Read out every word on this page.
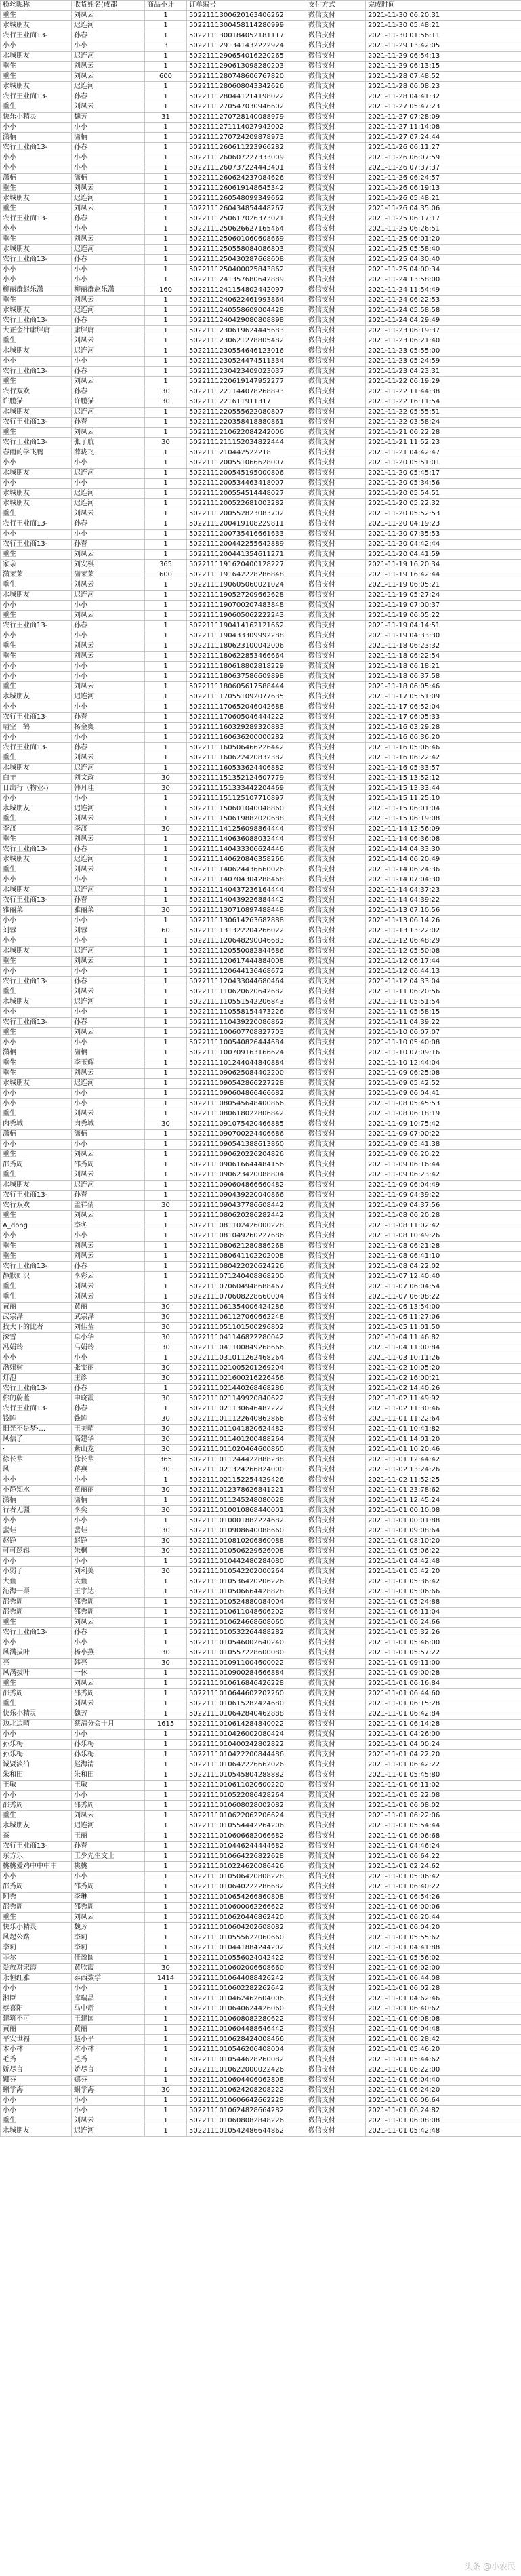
粉丝昵称	收货姓名(成都	商品小计	订单编号	支付方式	完成时间
重生	刘凤云	1	5022111300620163406262	微信支付	2021-11-30 06:20:31
水城朋友	迟连河	1	5022111300458114280999	微信支付	2021-11-30 05:48:21
农行王业商13-	孙春	1	5022111300184052181117	微信支付	2021-11-30 01:56:11
小小	小小	3	5022111291341432222924	微信支付	2021-11-29 13:42:05
水城朋友	迟连河	1	5022111290654016220265	微信支付	2021-11-29 06:54:13
重生	刘凤云	1	5022111290613098280203	微信支付	2021-11-29 06:13:15
重生	刘凤云	600	5022111280748606767820	微信支付	2021-11-28 07:48:52
水城朋友	迟连河	1	5022111280608043342626	微信支付	2021-11-28 06:08:23
农行王业商13-	孙春	1	5022111280441214198022	微信支付	2021-11-28 04:41:32
重生	刘凤云	1	5022111270547030946602	微信支付	2021-11-27 05:47:23
快乐小精灵	魏芳	31	5022111270728140088979	微信支付	2021-11-27 07:28:09
小小	小小	1	5022111271114027942002	微信支付	2021-11-27 11:14:08
潇楠	潇楠	1	5022111270724209878973	微信支付	2021-11-27 07:24:44
农行王业商13-	孙春	1	5022111260611223966282	微信支付	2021-11-26 06:11:27
小小	小小	1	5022111260607227333009	微信支付	2021-11-26 06:07:59
小小	小小	1	5022111260737224443401	微信支付	2021-11-26 07:37:37
潇楠	潇楠	1	5022111260624237084626	微信支付	2021-11-26 06:24:57
重生	刘凤云	1	5022111260619148645342	微信支付	2021-11-26 06:19:13
水城朋友	迟连河	1	5022111260548099349662	微信支付	2021-11-26 05:48:21
重生	刘凤云	1	5022111260434854448267	微信支付	2021-11-26 04:35:06
农行王业商13-	孙春	1	5022111250617026373021	微信支付	2021-11-25 06:17:17
小小	小小	1	5022111250626627165464	微信支付	2021-11-25 06:26:51
重生	刘凤云	1	5022111250601060608669	微信支付	2021-11-25 06:01:20
水城朋友	迟连河	1	5022111250558084086803	微信支付	2021-11-25 05:58:40
农行王业商13-	孙春	1	5022111250430287668608	微信支付	2021-11-25 04:30:40
小小	小小	1	5022111250400025843862	微信支付	2021-11-25 04:00:34
小小	小小	1	5022111241357680642889	微信支付	2021-11-24 13:58:00
柳丽群赵乐潇	柳丽群赵乐潇	160	5022111241154802442097	微信支付	2021-11-24 11:54:49
重生	刘凤云	1	5022111240622461993864	微信支付	2021-11-24 06:22:53
水城朋友	迟连河	1	5022111240558609004428	微信支付	2021-11-24 05:58:58
农行王业商13-	孙春	1	5022111240429080808898	微信支付	2021-11-24 04:29:49
大正金汁庸胖庸	庸胖庸	1	5022111230619624445683	微信支付	2021-11-23 06:19:37
重生	刘凤云	1	5022111230621278805482	微信支付	2021-11-23 06:21:40
水城朋友	迟连河	1	5022111230554646123016	微信支付	2021-11-23 05:55:00
小小	小小	1	5022111230524474511334	微信支付	2021-11-23 05:24:59
农行王业商13-	孙春	1	5022111230423409023037	微信支付	2021-11-23 04:23:31
重生	刘凤云	1	5022111220619147952277	微信支付	2021-11-22 06:19:29
农行双欢	孙春	30	5022111221144078268893	微信支付	2021-11-22 11:44:38
许鹏猫	许鹏猫	30	5022111221611911317	微信支付	2021-11-22 16:11:54
水城朋友	迟连河	1	5022111220555622080807	微信支付	2021-11-22 05:55:51
农行王业商13-	孙春	1	5022111220358418880861	微信支付	2021-11-22 03:58:24
重生	刘凤云	1	5022111210622084242006	微信支付	2021-11-21 06:22:28
农行王业商13-	张子航	30	5022111211152034822444	微信支付	2021-11-21 11:52:23
春雨的学飞鸭	薛珑飞	1	5022111210442522218	微信支付	2021-11-21 04:42:47
小小	小小	1	5022111200551066628007	微信支付	2021-11-20 05:51:01
水城朋友	迟连河	1	5022111200545195000806	微信支付	2021-11-20 05:45:17
小小	小小	1	5022111200534463418007	微信支付	2021-11-20 05:34:56
水城朋友	迟连河	1	5022111200554514448027	微信支付	2021-11-20 05:54:51
水城朋友	迟连河	1	5022111200522681003282	微信支付	2021-11-20 05:22:32
重生	刘凤云	1	5022111200552823083702	微信支付	2021-11-20 05:52:53
农行王业商13-	孙春	1	5022111200419108229811	微信支付	2021-11-20 04:19:23
小小	小小	1	5022111200735416661633	微信支付	2021-11-20 07:35:53
农行王业商13-	孙春	1	5022111200442255642889	微信支付	2021-11-20 04:42:44
重生	刘凤云	1	5022111200441354611271	微信支付	2021-11-20 04:41:59
家亲	刘安棋	365	5022111191620400128227	微信支付	2021-11-19 16:20:34
潇莱莱	潇莱莱	600	5022111191642228286848	微信支付	2021-11-19 16:42:44
重生	刘凤云	1	5022111190605060021024	微信支付	2021-11-19 06:05:21
水城朋友	迟连河	1	5022111190527209662628	微信支付	2021-11-19 05:27:24
小小	小小	1	5022111190700207483848	微信支付	2021-11-19 07:00:37
重生	刘凤云	1	5022111190605062222243	微信支付	2021-11-19 06:05:22
农行王业商13-	孙春	1	5022111190414162121662	微信支付	2021-11-19 04:14:51
小小	小小	1	5022111190433309992288	微信支付	2021-11-19 04:33:30
重生	刘凤云	1	5022111180623100042006	微信支付	2021-11-18 06:23:32
重生	刘凤云	1	5022111180622853466664	微信支付	2021-11-18 06:22:54
小小	小小	1	5022111180618802818229	微信支付	2021-11-18 06:18:21
小小	小小	1	5022111180637586609898	微信支付	2021-11-18 06:37:58
重生	刘凤云	1	5022111180605617588444	微信支付	2021-11-18 06:05:46
水城朋友	迟连河	1	5022111170551092077635	微信支付	2021-11-17 05:51:09
小小	小小	1	5022111170652046042688	微信支付	2021-11-17 06:52:04
农行王业商13-	孙春	1	5022111170605046444222	微信支付	2021-11-17 06:05:33
晴空一鹤	杨金奥	1	5022111160329289320883	微信支付	2021-11-16 03:29:28
小小	小小	1	5022111160636200000282	微信支付	2021-11-16 06:36:20
农行王业商13-	孙春	1	5022111160506466226442	微信支付	2021-11-16 05:06:46
重生	刘凤云	1	5022111160622420832382	微信支付	2021-11-16 06:22:42
水城朋友	迟连河	1	5022111160533624406882	微信支付	2021-11-16 05:33:57
白羊	刘文政	30	5022111151352124607779	微信支付	2021-11-15 13:52:12
日出行（物业-)	韩月珪	30	5022111151333442204469	微信支付	2021-11-15 13:33:44
小小	小小	1	5022111151125107710897	微信支付	2021-11-15 11:25:10
水城朋友	迟连河	1	5022111150601040048860	微信支付	2021-11-15 06:01:04
重生	刘凤云	1	5022111150619882020688	微信支付	2021-11-15 06:19:08
李渡	李渡	30	5022111141256098864444	微信支付	2021-11-14 12:56:09
重生	刘凤云	1	5022111140636088032444	微信支付	2021-11-14 06:36:08
农行王业商13-	孙春	1	5022111140433306624446	微信支付	2021-11-14 04:33:30
水城朋友	迟连河	1	5022111140620846358266	微信支付	2021-11-14 06:20:49
重生	刘凤云	1	5022111140624436660026	微信支付	2021-11-14 06:24:36
小小	小小	1	5022111140704304288468	微信支付	2021-11-14 07:04:30
水城朋友	迟连河	1	5022111140437236164444	微信支付	2021-11-14 04:37:23
农行王业商13-	孙春	1	5022111140439226884442	微信支付	2021-11-14 04:39:22
雅丽菜	雅丽菜	30	5022111130710897488448	微信支付	2021-11-13 07:10:56
小小	小小	1	5022111130614263682888	微信支付	2021-11-13 06:14:26
刘蓉	刘蓉	60	5022111131322204266022	微信支付	2021-11-13 13:22:02
小小	小小	1	5022111120648290046683	微信支付	2021-11-12 06:48:29
水城朋友	迟连河	1	5022111120550082844686	微信支付	2021-11-12 05:50:08
重生	刘凤云	1	5022111120617444884008	微信支付	2021-11-12 06:17:44
小小	小小	1	5022111120644136468672	微信支付	2021-11-12 06:44:13
农行王业商13-	孙春	1	5022111120433044680464	微信支付	2021-11-12 04:33:04
重生	刘凤云	1	5022111110620620642682	微信支付	2021-11-11 06:20:56
水城朋友	迟连河	1	5022111110551542206843	微信支付	2021-11-11 05:51:54
小小	小小	1	5022111110558154473226	微信支付	2021-11-11 05:58:15
农行王业商13-	孙春	1	5022111110439220086862	微信支付	2021-11-11 04:39:22
重生	刘凤云	1	5022111100607708827703	微信支付	2021-11-10 06:07:07
小小	小小	1	5022111100540826444684	微信支付	2021-11-10 05:40:08
潇楠	潇楠	1	5022111100709163166624	微信支付	2021-11-10 07:09:16
重生	李玉辉	1	5022111101244044840884	微信支付	2021-11-10 12:44:04
重生	刘凤云	1	5022111090625084402200	微信支付	2021-11-09 06:25:08
水城朋友	迟连河	1	5022111090542866227228	微信支付	2021-11-09 05:42:52
小小	小小	1	5022111090604866466682	微信支付	2021-11-09 06:04:41
小小	小小	1	5022111080545648400866	微信支付	2021-11-08 05:45:53
重生	刘凤云	1	5022111080618022806842	微信支付	2021-11-08 06:18:19
肉秀城	肉秀城	30	5022111091075420466885	微信支付	2021-11-09 10:75:42
潇楠	潇楠	1	5022111090700224406686	微信支付	2021-11-09 07:00:22
小小	小小	1	5022111090541388613860	微信支付	2021-11-09 05:41:38
重生	刘凤云	1	5022111090620226204826	微信支付	2021-11-09 06:20:22
邵秀周	邵秀周	1	5022111090616644484156	微信支付	2021-11-09 06:16:44
重生	刘凤云	1	5022111090623420088804	微信支付	2021-11-09 06:23:42
水城朋友	迟连河	1	5022111090604866660482	微信支付	2021-11-09 06:04:49
农行王业商13-	孙春	1	5022111090439220040866	微信支付	2021-11-09 04:39:22
农行双欢	孟祥倩	30	5022111090437786608442	微信支付	2021-11-09 04:37:56
重生	刘凤云	1	5022111080620286282442	微信支付	2021-11-08 06:20:28
A_dong	李冬	1	5022111081102426000228	微信支付	2021-11-08 11:02:42
小小	小小	1	5022111081049260227686	微信支付	2021-11-08 10:49:26
重生	刘凤云	1	5022111080621280886268	微信支付	2021-11-08 06:21:28
重生	刘凤云	1	5022111080641102202008	微信支付	2021-11-08 06:41:10
农行王业商13-	孙春	1	5022111080422020624226	微信支付	2021-11-08 04:22:02
静默如沢	李彩云	1	5022111071240408868200	微信支付	2021-11-07 12:40:40
重生	刘凤云	1	5022111070604948688467	微信支付	2021-11-07 06:04:54
重生	刘凤云	1	5022111070608228660004	微信支付	2021-11-07 06:08:22
黄丽	黄丽	30	5022111061354006424286	微信支付	2021-11-06 13:54:00
武宗泽	武宗泽	30	5022111061127060662248	微信支付	2021-11-06 11:27:06
找大下的比者	刘佳莹	30	5022111051101500296802	微信支付	2021-11-05 11:01:50
深雪	卓小华	30	5022111041146822280042	微信支付	2021-11-04 11:46:82
冯娟玲	冯娟玲	30	5022111041100849268666	微信支付	2021-11-04 11:00:84
小小	小小	1	5022111031011262468264	微信支付	2021-11-03 10:11:26
渤妞树	张雯丽	30	5022111021005201269204	微信支付	2021-11-02 10:05:20
灯泡	庄诊	30	5022111021600216226466	微信支付	2021-11-02 16:00:21
农行王业商13-	孙春	1	5022111021440268468286	微信支付	2021-11-02 14:40:26
你的蔚蓝	申晓霞	30	5022111021149920840622	微信支付	2021-11-02 11:49:92
农行王业商13-	孙春	1	5022111021130646482222	微信支付	2021-11-02 11:30:46
钱眸	钱眸	30	5022111011122640862866	微信支付	2021-11-01 11:22:64
阳光不是梦·…	王美晴	30	5022111011041820624482	微信支付	2021-11-01 10:41:82
风信子	高建华	30	5022111011401200488264	微信支付	2021-11-01 14:01:20
·	紫山龙	30	5022111011020464600860	微信支付	2021-11-01 10:20:46
徐长辈	徐长辈	365	5022111011244422888288	微信支付	2021-11-01 12:44:42
风	蒋燕	30	5022111021324266824000	微信支付	2021-11-02 13:24:26
小小	小小	1	5022111021152254429426	微信支付	2021-11-02 11:52:25
小静知水	童丽丽	30	5022111012378626841221	微信支付	2021-11-01 23:78:62
潇楠	潇楠	1	5022111011245248080028	微信支付	2021-11-01 12:45:24
行者无疆	李奕	30	5022111010010868440001	微信支付	2021-11-01 00:10:08
小小	小小	1	5022111010001882224682	微信支付	2021-11-01 00:01:88
蜚蛙	蜚蛙	30	5022111010908640088660	微信支付	2021-11-01 09:08:64
赵铮	赵铮	30	5022111010810206860088	微信支付	2021-11-01 08:10:20
可可逻辑	朱桐	30	5022111010506229626008	微信支付	2021-11-01 05:06:22
小小	小小	1	5022111010442480284080	微信支付	2021-11-01 04:42:48
小弱子	刘利美	30	5022111010542202000264	微信支付	2021-11-01 05:42:20
大鱼	大鱼	1	5022111010536420206226	微信支付	2021-11-01 05:36:42
沁海一票	王宇达	1	5022111010506664428828	微信支付	2021-11-01 05:06:66
邵秀周	邵秀周	1	5022111010524880084004	微信支付	2021-11-01 05:24:88
邵秀周	邵秀周	1	5022111010611048606202	微信支付	2021-11-01 06:11:04
重生	刘凤云	1	5022111010624668608060	微信支付	2021-11-01 06:24:66
农行王业商13-	孙春	1	5022111010532264488282	微信支付	2021-11-01 05:32:26
小小	小小	1	5022111010546002640240	微信支付	2021-11-01 05:46:00
风满拔叶	杨小燕	30	5022111010557228600080	微信支付	2021-11-01 05:57:22
亮	韩亮	30	5022111010911004600022	微信支付	2021-11-01 09:11:00
风满拔叶	一休	1	5022111010900284666884	微信支付	2021-11-01 09:00:28
重生	刘凤云	1	5022111010616846426228	微信支付	2021-11-01 06:16:84
邵秀周	邵秀周	1	5022111010644602202260	微信支付	2021-11-01 06:44:60
重生	刘凤云	1	5022111010615282424680	微信支付	2021-11-01 06:15:28
快乐小精灵	魏芳	1	5022111010642840462888	微信支付	2021-11-01 06:42:84
边北边晴	蔡清分会十月	1615	5022111010614284840022	微信支付	2021-11-01 06:14:28
小小	小小	1	5022111010426002080424	微信支付	2021-11-01 04:26:00
孙乐梅	孙乐梅	1	5022111010400242802822	微信支付	2021-11-01 04:00:24
孙乐梅	孙乐梅	1	5022111010422200844486	微信支付	2021-11-01 04:22:20
诚贤淡泊	赵海清	1	5022111010642226662026	微信支付	2021-11-01 06:42:22
朱和田	朱和田	1	5022111010545804288882	微信支付	2021-11-01 05:45:80
王敏	王敏	1	5022111010611020600220	微信支付	2021-11-01 06:11:02
小小	小小	1	5022111010522086428264	微信支付	2021-11-01 05:22:08
邵秀周	邵秀周	1	5022111010608028002082	微信支付	2021-11-01 06:08:02
重生	刘凤云	1	5022111010622062206624	微信支付	2021-11-01 06:22:06
水城朋友	迟连河	1	5022111010554442264206	微信支付	2021-11-01 05:54:44
茶	王丽	1	5022111010606682066682	微信支付	2021-11-01 06:06:68
农行王业商13-	孙春	1	5022111010446244444682	微信支付	2021-11-01 04:46:24
东方乐	王少先生文士	1	5022111010664226822628	微信支付	2021-11-01 06:64:22
桃桃爱鸡中中中中	桃桃	1	5022111010224620086426	微信支付	2021-11-01 02:24:62
小小	小小	1	5022111010506420808228	微信支付	2021-11-01 05:06:42
邵秀周	邵秀周	1	5022111010640222286682	微信支付	2021-11-01 06:40:22
阿秀	李琳	1	5022111010654266860808	微信支付	2021-11-01 06:54:26
邵秀周	邵秀周	1	5022111010600062266622	微信支付	2021-11-01 06:00:06
重生	刘凤云	1	5022111010620446862420	微信支付	2021-11-01 06:20:44
快乐小精灵	魏芳	1	5022111010604202608082	微信支付	2021-11-01 06:04:20
风起公路	李莉	1	5022111010555622060660	微信支付	2021-11-01 05:55:62
李莉	李莉	1	5022111010441884244202	微信支付	2021-11-01 04:41:88
菲尔	佳盈圆	1	5022111010556024042422	微信支付	2021-11-01 05:56:02
爱放对宋霞	黄欣霞	30	5022111010602006608660	微信支付	2021-11-01 06:02:00
永恒红雅	泰西数学	1414	5022111010644088426242	微信支付	2021-11-01 06:44:08
小小	小小	1	5022111010602282262642	微信支付	2021-11-01 06:02:28
湘臣	库瑞晶	1	5022111010462462604006	微信支付	2021-11-01 04:62:46
蔡喜阳	马中新	1	5022111010640624426060	微信支付	2021-11-01 06:40:62
建筑不可	王建国	1	5022111010608082280622	微信支付	2021-11-01 06:08:08
黄丽	黄丽	1	5022111010604488646442	微信支付	2021-11-01 06:04:48
平安世福	赵小平	1	5022111010628424008466	微信支付	2021-11-01 06:28:42
木小林	木小林	1	5022111010546206408004	微信支付	2021-11-01 05:46:20
毛秀	毛秀	1	5022111010544628260082	微信支付	2021-11-01 05:44:62
娇尽言	娇尽言	1	5022111010622000022426	微信支付	2021-11-01 06:22:00
娜芬	娜芬	1	5022111010604406062808	微信支付	2021-11-01 06:04:40
蝌学海	蝌学海	30	5022111010624208208222	微信支付	2021-11-01 06:24:20
小小	小小	1	5022111010606642662228	微信支付	2021-11-01 06:06:64
小小	小小	1	5022111010624828664282	微信支付	2021-11-01 06:24:82
重生	刘凤云	1	5022111010608082848226	微信支付	2021-11-01 06:08:08
水城朋友	迟连河	1	5022111010542486644862	微信支付	2021-11-01 05:42:48
头条 @小农民
